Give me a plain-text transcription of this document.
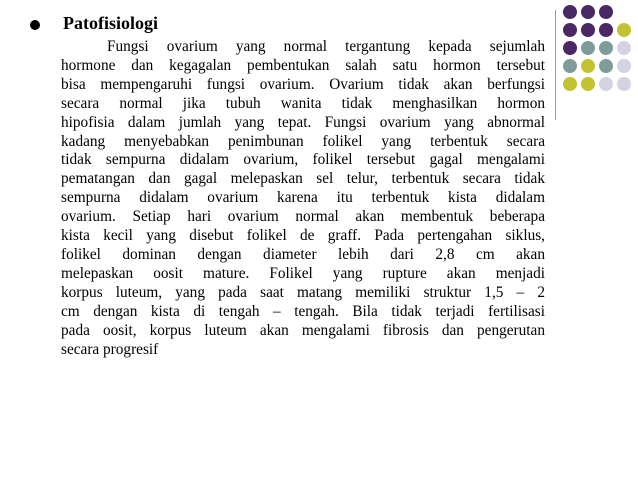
Patofisiologi
Fungsi ovarium yang normal tergantung kepada sejumlah
hormone dan kegagalan pembentukan salah satu hormon tersebut
bisa mempengaruhi fungsi ovarium. Ovarium tidak akan berfungsi
secara normal jika tubuh wanita tidak menghasilkan hormon
hipofisia dalam jumlah yang tepat. Fungsi ovarium yang abnormal
kadang menyebabkan penimbunan folikel yang terbentuk secara
tidak sempurna didalam ovarium, folikel tersebut gagal mengalami
pematangan dan gagal melepaskan sel telur, terbentuk secara tidak
sempurna didalam ovarium karena itu terbentuk kista didalam
ovarium. Setiap hari ovarium normal akan membentuk beberapa
kista kecil yang disebut folikel de graff. Pada pertengahan siklus,
folikel dominan dengan diameter lebih dari 2,8 cm akan
melepaskan oosit mature. Folikel yang rupture akan menjadi
korpus luteum, yang pada saat matang memiliki struktur 1,5 – 2
cm dengan kista di tengah – tengah. Bila tidak terjadi fertilisasi
pada oosit, korpus luteum akan mengalami fibrosis dan pengerutan
secara progresif
